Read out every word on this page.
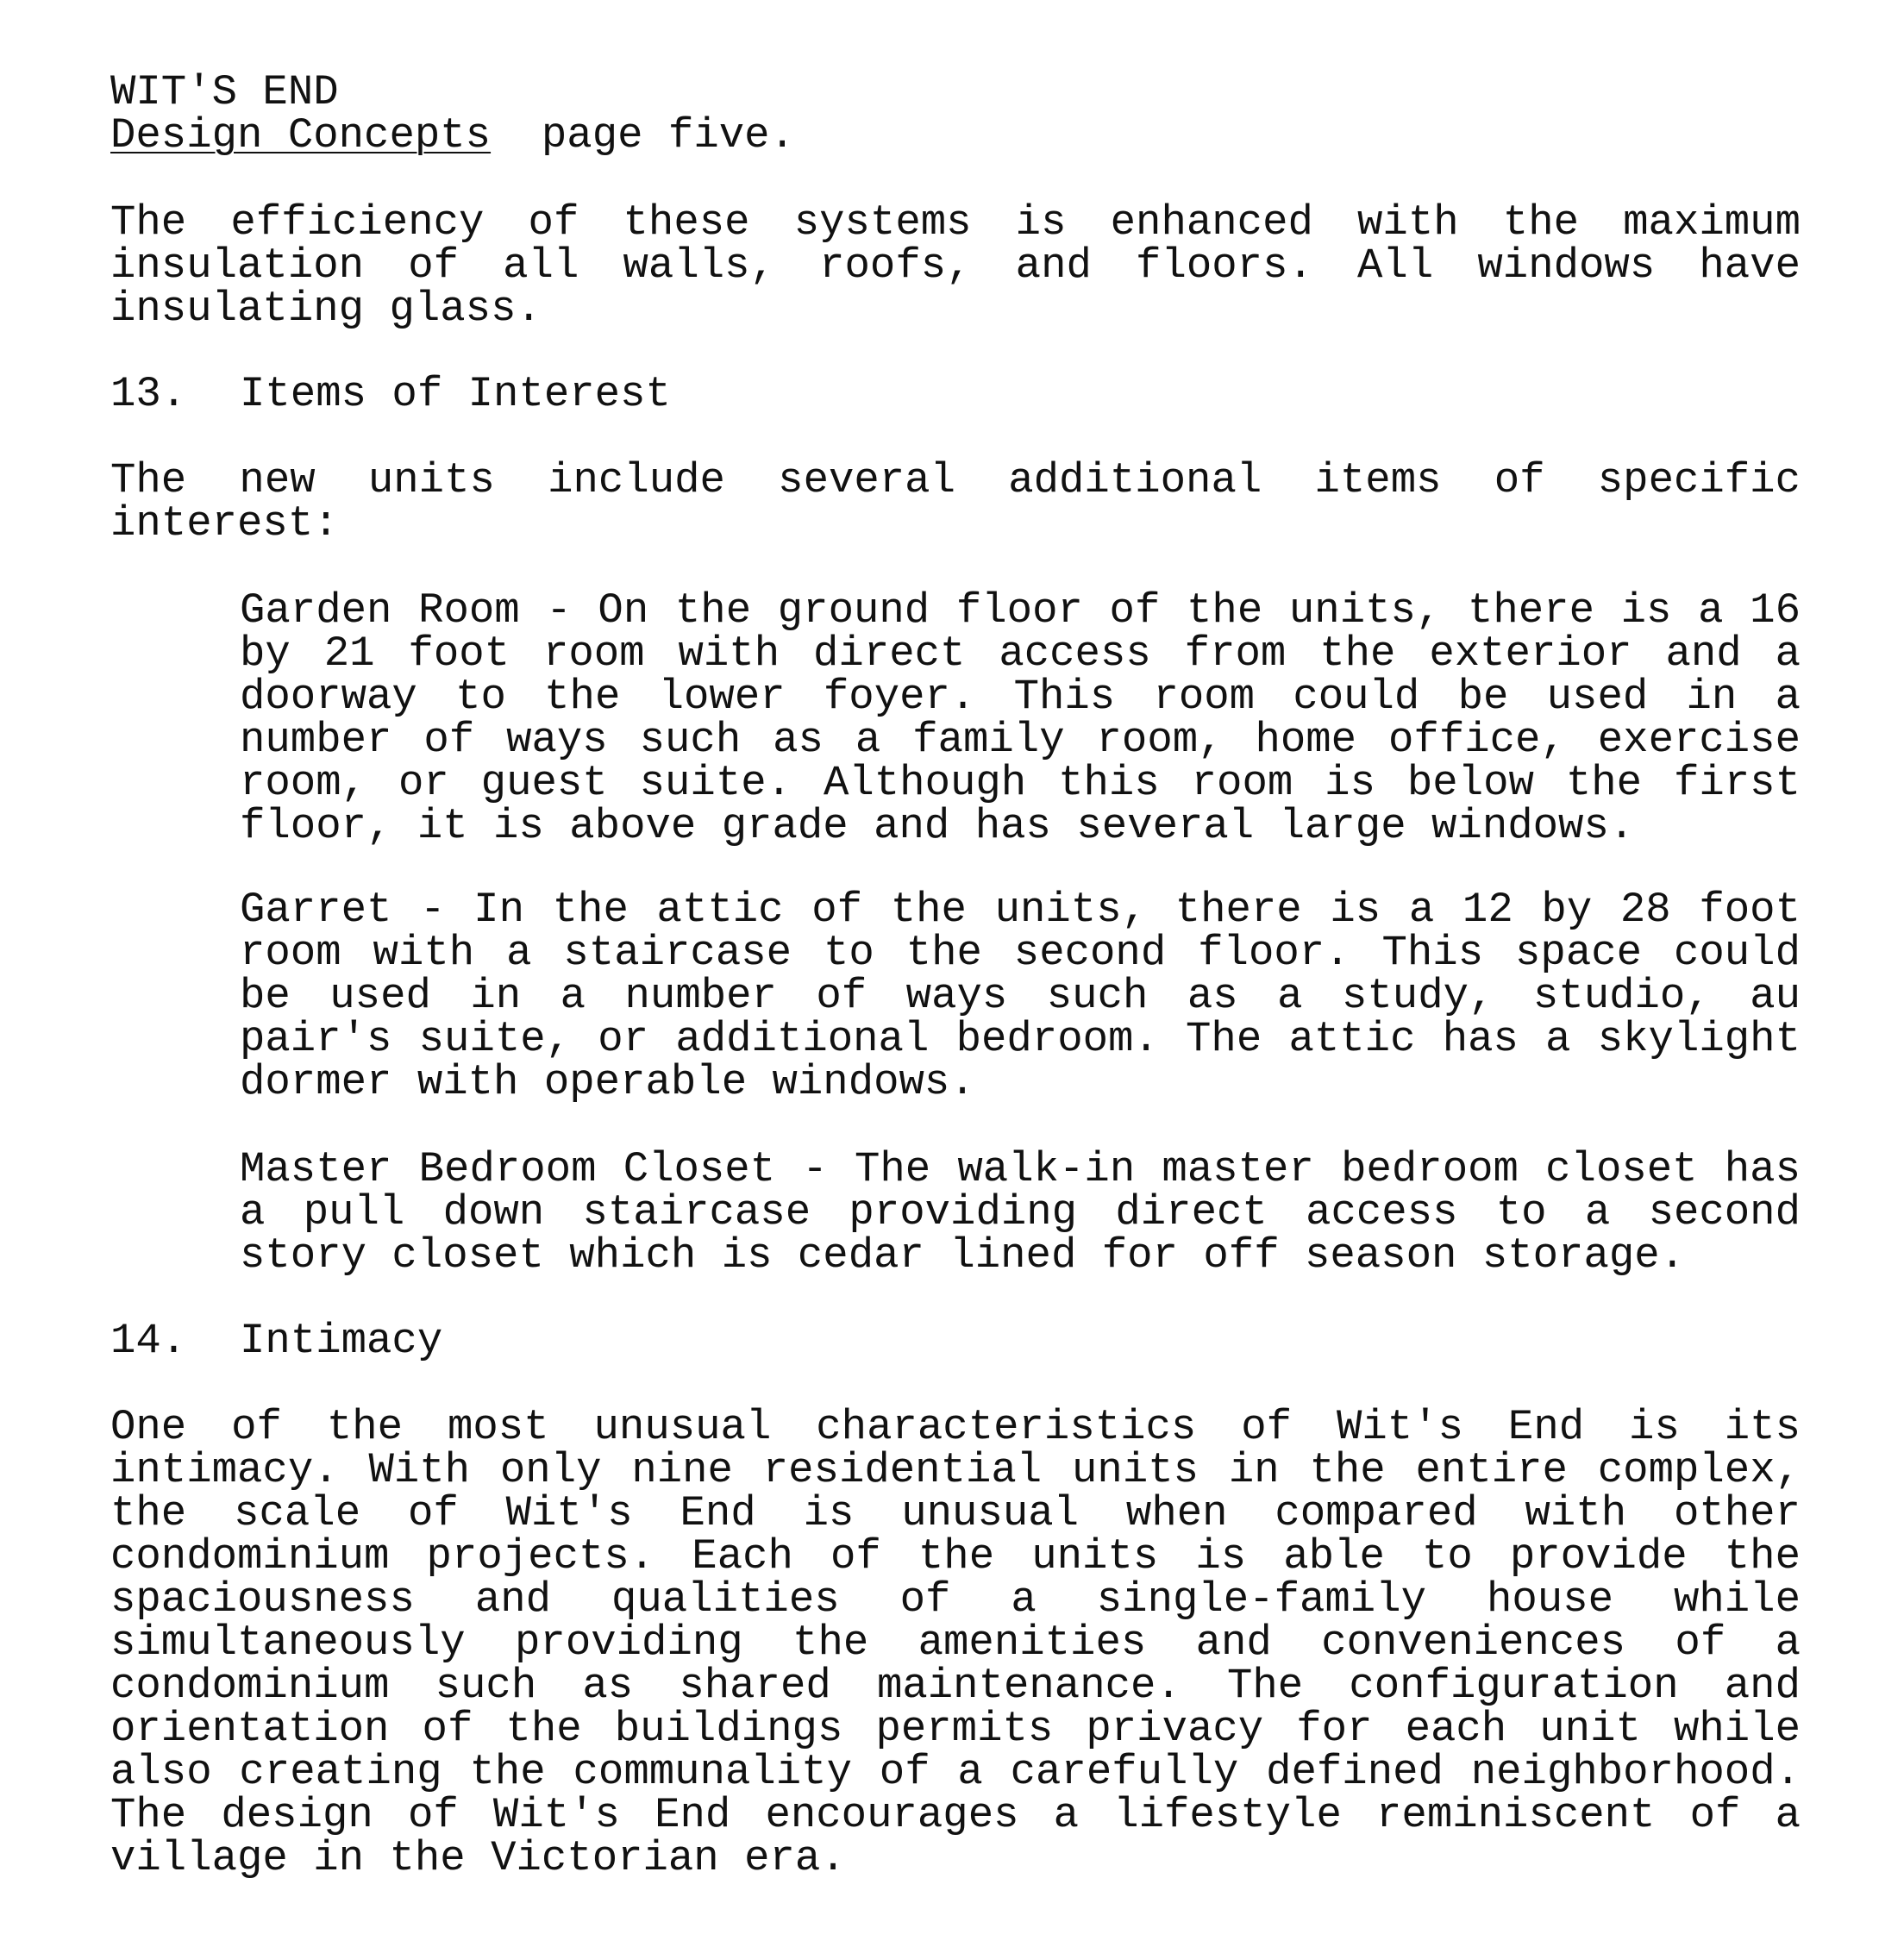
WIT'S END
Design Concepts page five.
The efficiency of these systems is enhanced with the maximum insulation of all walls, roofs, and floors. All windows have insulating glass.
13. Items of Interest
The new units include several additional items of specific interest:
Garden Room - On the ground floor of the units, there is a 16 by 21 foot room with direct access from the exterior and a doorway to the lower foyer. This room could be used in a number of ways such as a family room, home office, exercise room, or guest suite. Although this room is below the first floor, it is above grade and has several large windows.
Garret - In the attic of the units, there is a 12 by 28 foot room with a staircase to the second floor. This space could be used in a number of ways such as a study, studio, au pair's suite, or additional bedroom. The attic has a skylight dormer with operable windows.
Master Bedroom Closet - The walk-in master bedroom closet has a pull down staircase providing direct access to a second story closet which is cedar lined for off season storage.
14. Intimacy
One of the most unusual characteristics of Wit's End is its intimacy. With only nine residential units in the entire complex, the scale of Wit's End is unusual when compared with other condominium projects. Each of the units is able to provide the spaciousness and qualities of a single-family house while simultaneously providing the amenities and conveniences of a condominium such as shared maintenance. The configuration and orientation of the buildings permits privacy for each unit while also creating the communality of a carefully defined neighborhood. The design of Wit's End encourages a lifestyle reminiscent of a village in the Victorian era.
